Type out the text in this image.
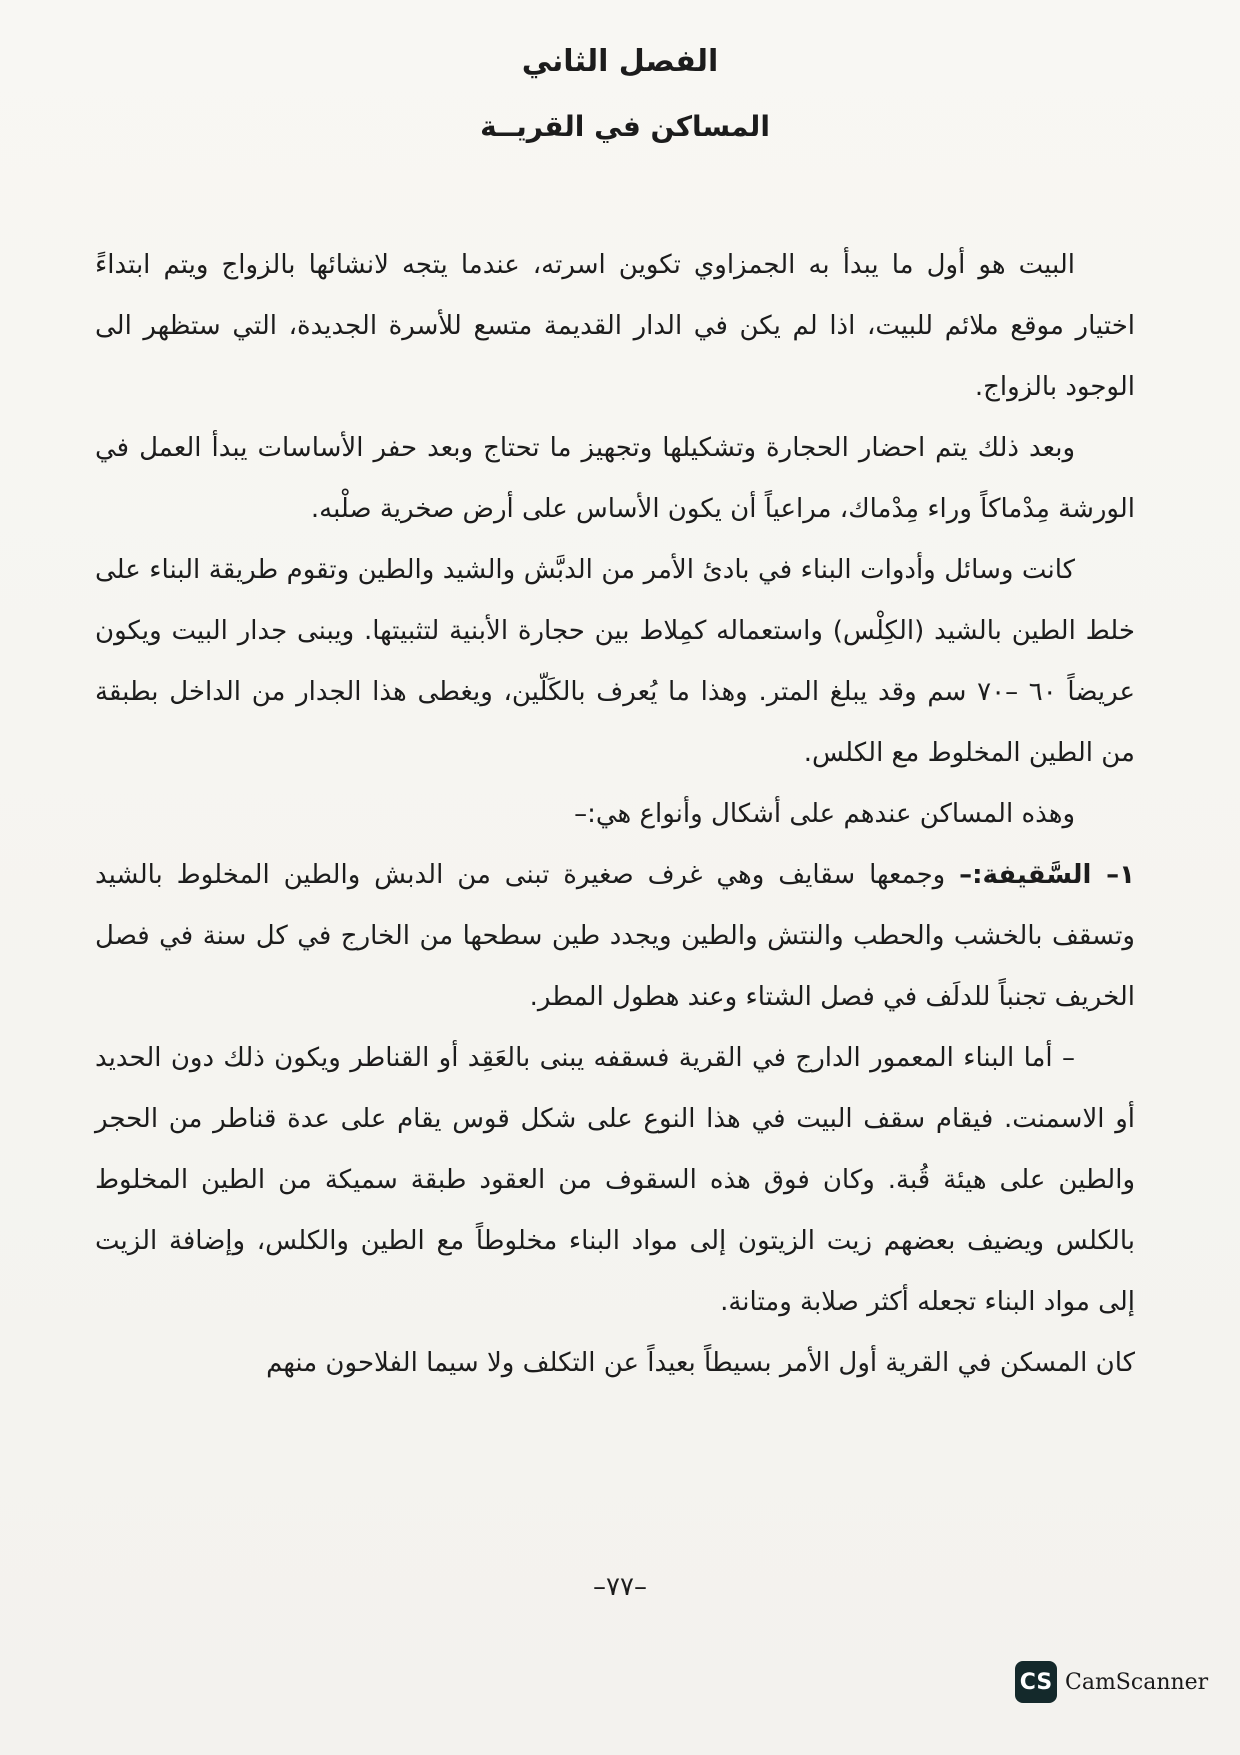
الفصل الثاني
المساكن في القريــة

البيت هو أول ما يبدأ به الجمزاوي تكوين اسرته، عندما يتجه لانشائها بالزواج ويتم ابتداءً اختيار موقع ملائم للبيت، اذا لم يكن في الدار القديمة متسع للأسرة الجديدة، التي ستظهر الى الوجود بالزواج.

وبعد ذلك يتم احضار الحجارة وتشكيلها وتجهيز ما تحتاج وبعد حفر الأساسات يبدأ العمل في الورشة مِدْماكاً وراء مِدْماك، مراعياً أن يكون الأساس على أرض صخرية صلْبه.

كانت وسائل وأدوات البناء في بادئ الأمر من الدبَّش والشيد والطين وتقوم طريقة البناء على خلط الطين بالشيد (الكِلْس) واستعماله كمِلاط بين حجارة الأبنية لتثبيتها. ويبنى جدار البيت ويكون عريضاً ٦٠ –٧٠ سم وقد يبلغ المتر. وهذا ما يُعرف بالكَلّين، ويغطى هذا الجدار من الداخل بطبقة من الطين المخلوط مع الكلس.

وهذه المساكن عندهم على أشكال وأنواع هي:–

١– السَّقيفة:– وجمعها سقايف وهي غرف صغيرة تبنى من الدبش والطين المخلوط بالشيد وتسقف بالخشب والحطب والنتش والطين ويجدد طين سطحها من الخارج في كل سنة في فصل الخريف تجنباً للدلَف في فصل الشتاء وعند هطول المطر.

– أما البناء المعمور الدارج في القرية فسقفه يبنى بالعَقِد أو القناطر ويكون ذلك دون الحديد أو الاسمنت. فيقام سقف البيت في هذا النوع على شكل قوس يقام على عدة قناطر من الحجر والطين على هيئة قُبة. وكان فوق هذه السقوف من العقود طبقة سميكة من الطين المخلوط بالكلس ويضيف بعضهم زيت الزيتون إلى مواد البناء مخلوطاً مع الطين والكلس، وإضافة الزيت إلى مواد البناء تجعله أكثر صلابة ومتانة.

كان المسكن في القرية أول الأمر بسيطاً بعيداً عن التكلف ولا سيما الفلاحون منهم

–٧٧–
CS CamScanner
